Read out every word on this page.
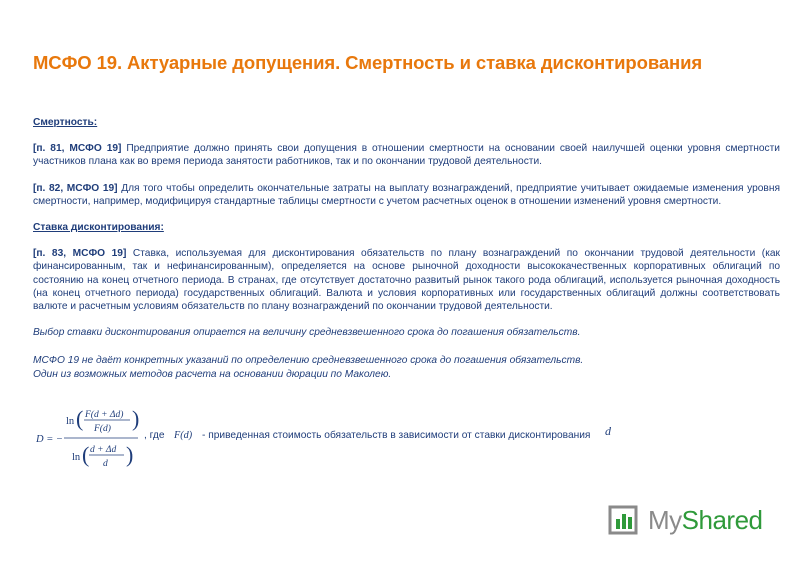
МСФО 19. Актуарные допущения. Смертность и ставка дисконтирования

Смертность:

[п. 81, МСФО 19] Предприятие должно принять свои допущения в отношении смертности на основании своей наилучшей оценки уровня смертности участников плана как во время периода занятости работников, так и по окончании трудовой деятельности.

[п. 82, МСФО 19] Для того чтобы определить окончательные затраты на выплату вознаграждений, предприятие учитывает ожидаемые изменения уровня смертности, например, модифицируя стандартные таблицы смертности с учетом расчетных оценок в отношении изменений уровня смертности.

Ставка дисконтирования:

[п. 83, МСФО 19] Ставка, используемая для дисконтирования обязательств по плану вознаграждений по окончании трудовой деятельности (как финансированным, так и нефинансированным), определяется на основе рыночной доходности высококачественных корпоративных облигаций по состоянию на конец отчетного периода. В странах, где отсутствует достаточно развитый рынок такого рода облигаций, используется рыночная доходность (на конец отчетного периода) государственных облигаций. Валюта и условия корпоративных или государственных облигаций должны соответствовать валюте и расчетным условиям обязательств по плану вознаграждений по окончании трудовой деятельности.

Выбор ставки дисконтирования опирается на величину средневзвешенного срока до погашения обязательств.

МСФО 19 не даёт конкретных указаний по определению средневзвешенного срока до погашения обязательств.

Один из возможных методов расчета на основании дюрации по Маколею.

D = −
ln ( F(d + Δd)
F(d) )
ln ( d + Δd
d )
, где F(d) - приведенная стоимость обязательств в зависимости от ставки дисконтирования d
MyShared
